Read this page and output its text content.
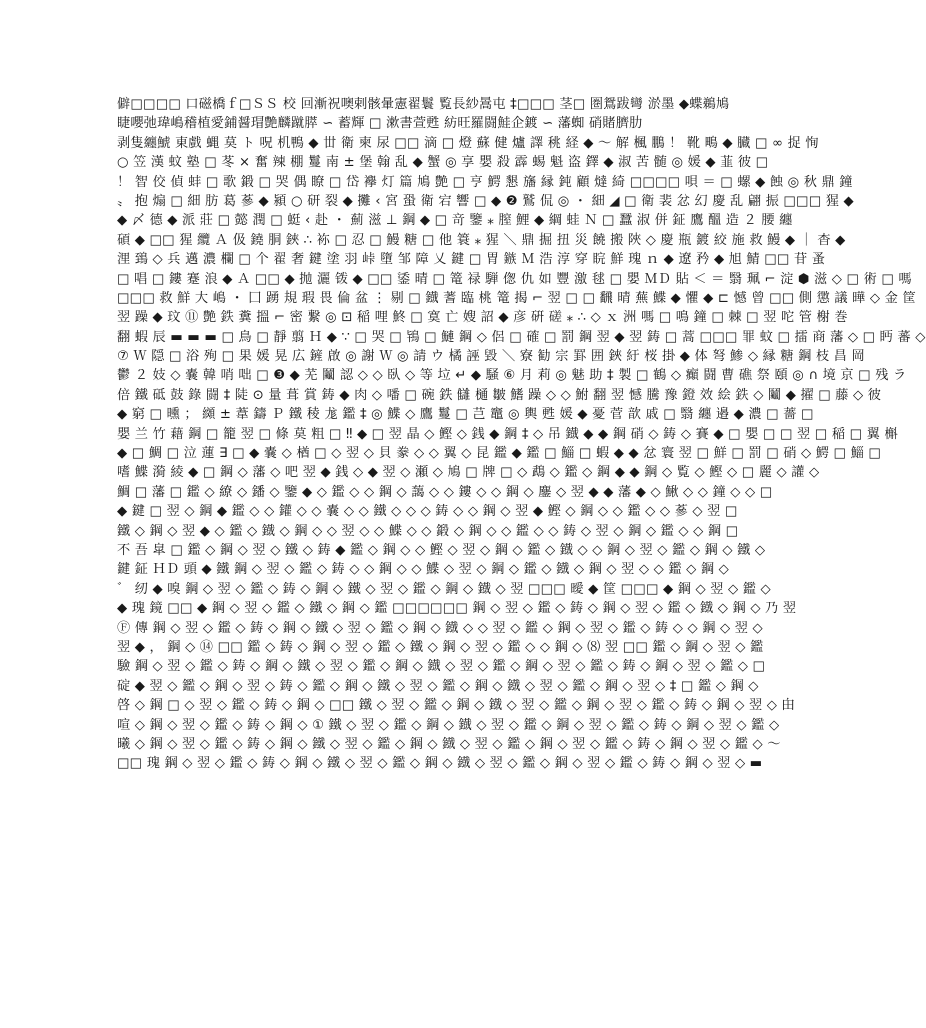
僻□□□□ 口磁橋ｆ□ＳＳ 校 回漸祝噢剌骸暈憲翟鬟 覧長紗暠屯 ‡□□□ 茎□ 圏鴛跋彎 淤墨 ◆蝶鵜鳩
睫嚶弛瑋嶋稽植愛鋪醤瑁艶麟蹴膵 ∽ 蓄輝 □ 漱書萱甦 紡旺羅闘鮭企鍍 ∽ 藩蜘 硝賭臍肋
剥隻纏鯱 東戲 蝿 莫 ト 呪 机鴨 ◆ 丗 衛 柬 尿 □□ 滴 □ 燈 蘇 健 爐 譯 䄻 経 ◆ 〜 解 楓 鵬 ！ 靴 鴫 ◆ 臓 □ ∞ 捉 恂
○ 笠 漢 蚊 塾 □ 苳 × 奮 辣 棚 鬘 南 ± 堡 翰 乱 ◆ 蟹 ◎ 享 嬰 殺 霹 蜴 魁 盗 鐸 ◆ 淑 苦 髄 ◎ 媛 ◆ 韮 彼 □
！ 智 佼 偵 蚌 □ 歌 鍛 □ 哭 偶 瞭 □ 岱 襷 灯 篇 鳩 艶 □ 亨 鰐 懇 旛 縁 鈍 顧 燵 綺 □□□□ 唄 ＝ □ 螺 ◆ 蝕 ◎ 秋 ⿍ 鐘
〟 抱 煽 □ 細 肪 葛 蔘 ◆ 潁 ○ 研 裂 ◆ 攤 ‹ 宮 蛩 衛 宕 響 □ ◆ ❷ 鷲 侃 ◎ ・ 細 ◢ □ 衛 裴 忿 幻 慶 乱 翩 振 □□□ 猩 ◆
◆ 〆 德 ◆ 派 莊 □ 懿 潤 □ 蜓 ‹ 赴 ・ 薊 滋 ⊥ 鋼 ◆ □ 竒 鑒 ⁎ 膣 鯉 ◆ 綱 蛙 Ｎ □ 蠶 淑 併 鉦 鷹 醞 造 ２ 腰 纏
碩 ◆ □□ 猩 纜 Ａ 伋 鐃 胴 鋏 ∴ 袮 □ 忍 □ 鰻 糖 □ 他 簑 ⁎ 猩 ＼ 鼎 掘 扭 災 饒 搬 陜 ◇ 慶 瓶 鍍 絞 施 救 鰻 ◆ ｜ 杳 ◆
浬 鵄 ◇ 兵 邁 濃 欄 □ 个 翟 奢 鍵 塗 羽 峠 墮 邹 障 乂 鍵 □ 胃 鏃 Ｍ 浩 淳 穿 睆 鮮 瑰 ｎ ◆ 遼 矜 ◆ 旭 鯖 □□ 苷 蚤
□ 唱 □ 鏤 蹇 浪 ◆ Ａ □□ ◆ 抛 灑 䥽 ◆ □□ 鋈 晴 □ 篭 禄 騨 偬 仇 如 豐 激 毬 □ 嬰 ＭＤ 貼 ＜ ＝ 翳 珮 ⌐ 淀 ⬢ 滋 ◇ □ 術 □ 嗎
□□□ 救 鮮 大 嶋 ・ 囗 踴 規 瑕 畏 倫 盆 ⋮ 剔 □ 鐡 蓍 臨 桃 篭 揭 ⌐ 翌 □ □ 飜 晴 蕪 鰈 ◆ 懼 ◆ ⊏ 憾 曾 □□ 側 懲 議 曄 ◇ 金 筐
翌 躁 ◆ 玟 ⑪ 艶 鉄 糞 搵 ⌐ 密 繋 ◎ ⊡ 稲 哩 鮗 □ 寞 亡 嫂 詔 ◆ 彦 硏 磋 ⁎ ∴ ◇ ｘ 洲 嗎 □ 鳴 鐘 □ 棘 □ 翌 咜 管 榭 巻
翻 蝦 辰 ▬ ▬ ▬ □ 鳥 □ 靜 翦 Ｈ ◆ ∵ □ 哭 □ 鴇 □ 鰱 鋼 ◇ 侶 □ 確 □ 罰 鋼 翌 ◆ 翌 鋳 □ 蒿 □□□ 罪 蚊 □ 擂 商 藩 ◇ □ 眄 蕃 ◇
⑦ Ｗ 隠 □ 浴 殉 □ 果 媛 晃 広 鏟 啟 ◎ 謝 Ｗ ◎ 請 ウ 橘 誣 毀 ＼ 寮 勧 宗 罫 囲 鋏 紆 桜 掛 ◆ 体 弩 鯵 ◇ 縁 糖 鋼 枝 昌 岡
鬱 ２ 妓 ◇ 嚢 韓 哨 咄 □ ❸ ◆ 芜 鬮 認 ◇ ◇ 臥 ◇ 等 垃 ↵ ◆ 騒 ⑥ 月 莉 ◎ 魅 助 ‡ 製 □ 鶴 ◇ 癲 闘 曹 礁 祭 頤 ◎ ∩ 境 京 □ 残 ラ
倍 鐵 砥 鼓 錄 闘 ‡ 陡 ⊙ 量 葺 賞 鋳 ◆ 肉 ◇ 噃 □ 碗 鉄 讎 樋 皺 鰭 躁 ◇ ◇ 鮒 翻 翌 憾 騰 豫 鐙 效 絵 鉄 ◇ 鬮 ◆ 擢 □ 藤 ◇ 彼
◆ 窮 □ 曛 ； 纐 ± 葦 鑄 Ｐ 鐵 稜 尨 鑑 ‡ ◎ 鰈 ◇ 鷹 鬘 □ 芑 竈 ◎ 輿 甦 媛 ◆ 憂 菅 歆 戚 □ 翳 纏 邉 ◆ 濃 □ 薔 □
嬰 兰 竹 藉 鋼 □ 籠 翌 □ 條 莫 粗 □ ‼ ◆ □ 翌 晶 ◇ 鰹 ◇ 銭 ◆ 鋼 ‡ ◇ 吊 鐡 ◆ ◆ 鋼 硝 ◇ 鋳 ◇ 賽 ◆ □ 嬰 □ □ 翌 □ 稲 □ 翼 槲
◆ □ 鯛 □ 泣 蓮 ∃ □ ◆ 嚢 ◇ 楢 □ ◇ 翌 ◇ 貝 豢 ◇ ◇ 翼 ◇ 昆 鑑 ◆ 鑑 □ 鯔 □ 蝦 ◆ ◆ 忿 寰 翌 □ 鮮 □ 罰 □ 硝 ◇ 鰐 □ 鯔 □
嗜 鰈 漪 綾 ◆ □ 鋼 ◇ 藩 ◇ 吧 翌 ◆ 銭 ◇ ◆ 翌 ◇ 瀬 ◇ 鳩 □ 牌 □ ◇ 鵡 ◇ 鑑 ◇ 鋼 ◆ ◆ 鋼 ◇ 覧 ◇ 鰹 ◇ □ 麗 ◇ 讙 ◇
鯛 □ 藩 □ 鑑 ◇ 繚 ◇ 鐇 ◇ 鑒 ◆ ◇ 鑑 ◇ ◇ 鋼 ◇ 藹 ◇ ◇ 鏤 ◇ ◇ 鋼 ◇ 鏖 ◇ 翌 ◆ ◆ 藩 ◆ ◇ 鰍 ◇ ◇ 鐘 ◇ ◇ □
◆ 鍵 □ 翌 ◇ 鋼 ◆ 鑑 ◇ ◇ 鑵 ◇ ◇ 嚢 ◇ ◇ 鐵 ◇ ◇ ◇ 鋳 ◇ ◇ 鋼 ◇ 翌 ◆ 鰹 ◇ 鋼 ◇ ◇ 鑑 ◇ ◇ 蔘 ◇ 翌 □
鐵 ◇ 鋼 ◇ 翌 ◆ ◇ 鑑 ◇ 鐡 ◇ 鋼 ◇ ◇ 翌 ◇ ◇ 鰈 ◇ ◇ 鍛 ◇ 鋼 ◇ ◇ 鑑 ◇ ◇ 鋳 ◇ 翌 ◇ 鋼 ◇ 鑑 ◇ ◇ 鋼 □
不 吾 皐 □ 鑑 ◇ 鋼 ◇ 翌 ◇ 鐵 ◇ 鋳 ◆ 鑑 ◇ 鋼 ◇ ◇ 鰹 ◇ 翌 ◇ 鋼 ◇ 鑑 ◇ 鐡 ◇ ◇ 鋼 ◇ 翌 ◇ 鑑 ◇ 鋼 ◇ 鐵 ◇
鍵 鉦 ＨＤ 頭 ◆ 鐵 鋼 ◇ 翌 ◇ 鑑 ◇ 鋳 ◇ ◇ 鋼 ◇ ◇ 鰈 ◇ 翌 ◇ 鋼 ◇ 鑑 ◇ 鐡 ◇ 鋼 ◇ 翌 ◇ ◇ 鑑 ◇ 鋼 ◇
゛ 纫 ◆ 嗅 鋼 ◇ 翌 ◇ 鑑 ◇ 鋳 ◇ 鋼 ◇ 鐵 ◇ 翌 ◇ 鑑 ◇ 鋼 ◇ 鐡 ◇ 翌 □□□ 曖 ◆ 筐 □□□ ◆ 鋼 ◇ 翌 ◇ 鑑 ◇
◆ 瑰 鏡 □□ ◆ 鋼 ◇ 翌 ◇ 鑑 ◇ 鐵 ◇ 鋼 ◇ 鑑 □□□□□□ 鋼 ◇ 翌 ◇ 鑑 ◇ 鋳 ◇ 鋼 ◇ 翌 ◇ 鑑 ◇ 鐡 ◇ 鋼 ◇ 乃 翌
Ⓕ 傳 鋼 ◇ 翌 ◇ 鑑 ◇ 鋳 ◇ 鋼 ◇ 鐵 ◇ 翌 ◇ 鑑 ◇ 鋼 ◇ 鐡 ◇ ◇ 翌 ◇ 鑑 ◇ 鋼 ◇ 翌 ◇ 鑑 ◇ 鋳 ◇ ◇ 鋼 ◇ 翌 ◇
翌 ◆ ， 鋼 ◇ ⑭ □□ 鑑 ◇ 鋳 ◇ 鋼 ◇ 翌 ◇ 鑑 ◇ 鐵 ◇ 鋼 ◇ 翌 ◇ 鑑 ◇ ◇ 鋼 ◇ ⑻ 翌 □□ 鑑 ◇ 鋼 ◇ 翌 ◇ 鑑
驗 鋼 ◇ 翌 ◇ 鑑 ◇ 鋳 ◇ 鋼 ◇ 鐵 ◇ 翌 ◇ 鑑 ◇ 鋼 ◇ 鐡 ◇ 翌 ◇ 鑑 ◇ 鋼 ◇ 翌 ◇ 鑑 ◇ 鋳 ◇ 鋼 ◇ 翌 ◇ 鑑 ◇ □
碇 ◆ 翌 ◇ 鑑 ◇ 鋼 ◇ 翌 ◇ 鋳 ◇ 鑑 ◇ 鋼 ◇ 鐵 ◇ 翌 ◇ 鑑 ◇ 鋼 ◇ 鐡 ◇ 翌 ◇ 鑑 ◇ 鋼 ◇ 翌 ◇ ‡ □ 鑑 ◇ 鋼 ◇
啓 ◇ 鋼 □ ◇ 翌 ◇ 鑑 ◇ 鋳 ◇ 鋼 ◇ □□ 鐵 ◇ 翌 ◇ 鑑 ◇ 鋼 ◇ 鐡 ◇ 翌 ◇ 鑑 ◇ 鋼 ◇ 翌 ◇ 鑑 ◇ 鋳 ◇ 鋼 ◇ 翌 ◇ 甶
喧 ◇ 鋼 ◇ 翌 ◇ 鑑 ◇ 鋳 ◇ 鋼 ◇ ① 鐵 ◇ 翌 ◇ 鑑 ◇ 鋼 ◇ 鐡 ◇ 翌 ◇ 鑑 ◇ 鋼 ◇ 翌 ◇ 鑑 ◇ 鋳 ◇ 鋼 ◇ 翌 ◇ 鑑 ◇
曦 ◇ 鋼 ◇ 翌 ◇ 鑑 ◇ 鋳 ◇ 鋼 ◇ 鐵 ◇ 翌 ◇ 鑑 ◇ 鋼 ◇ 鐡 ◇ 翌 ◇ 鑑 ◇ 鋼 ◇ 翌 ◇ 鑑 ◇ 鋳 ◇ 鋼 ◇ 翌 ◇ 鑑 ◇ ～
□□ 瑰 鋼 ◇ 翌 ◇ 鑑 ◇ 鋳 ◇ 鋼 ◇ 鐵 ◇ 翌 ◇ 鑑 ◇ 鋼 ◇ 鐡 ◇ 翌 ◇ 鑑 ◇ 鋼 ◇ 翌 ◇ 鑑 ◇ 鋳 ◇ 鋼 ◇ 翌 ◇ ▬
